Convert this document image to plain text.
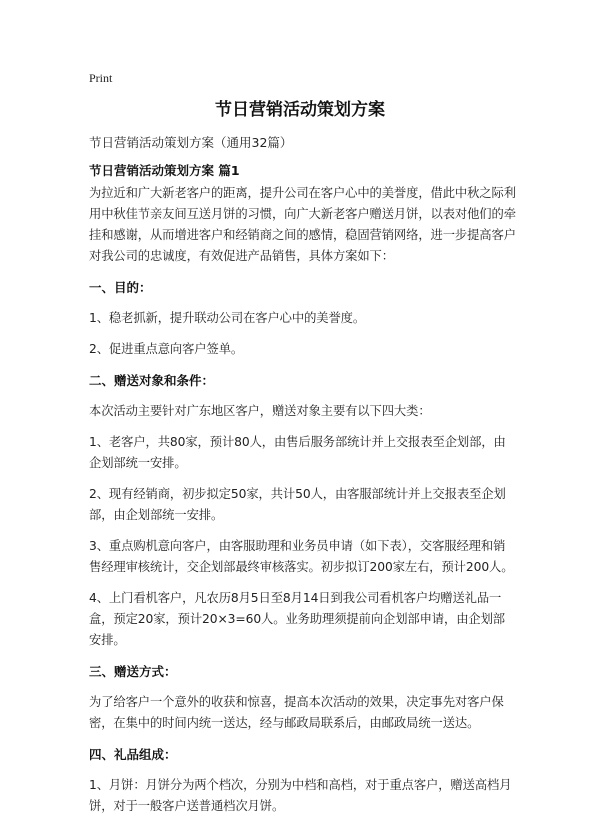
Print
节日营销活动策划方案
节日营销活动策划方案（通用32篇）
节日营销活动策划方案 篇1

为拉近和广大新老客户的距离，提升公司在客户心中的美誉度，借此中秋之际利用中秋佳节亲友间互送月饼的习惯，向广大新老客户赠送月饼，以表对他们的牵挂和感谢，从而增进客户和经销商之间的感情，稳固营销网络，进一步提高客户对我公司的忠诚度，有效促进产品销售，具体方案如下：

一、目的：

1、稳老抓新，提升联动公司在客户心中的美誉度。

2、促进重点意向客户签单。

二、赠送对象和条件：

本次活动主要针对广东地区客户，赠送对象主要有以下四大类：

1、老客户，共80家，预计80人，由售后服务部统计并上交报表至企划部，由企划部统一安排。

2、现有经销商，初步拟定50家，共计50人，由客服部统计并上交报表至企划部，由企划部统一安排。

3、重点购机意向客户，由客服助理和业务员申请（如下表），交客服经理和销售经理审核统计，交企划部最终审核落实。初步拟订200家左右，预计200人。

4、上门看机客户，凡农历8月5日至8月14日到我公司看机客户均赠送礼品一盒，预定20家，预计20×3=60人。业务助理须提前向企划部申请，由企划部安排。

三、赠送方式：

为了给客户一个意外的收获和惊喜，提高本次活动的效果，决定事先对客户保密，在集中的时间内统一送达，经与邮政局联系后，由邮政局统一送达。

四、礼品组成：

1、月饼：月饼分为两个档次，分别为中档和高档，对于重点客户，赠送高档月饼，对于一般客户送普通档次月饼。
